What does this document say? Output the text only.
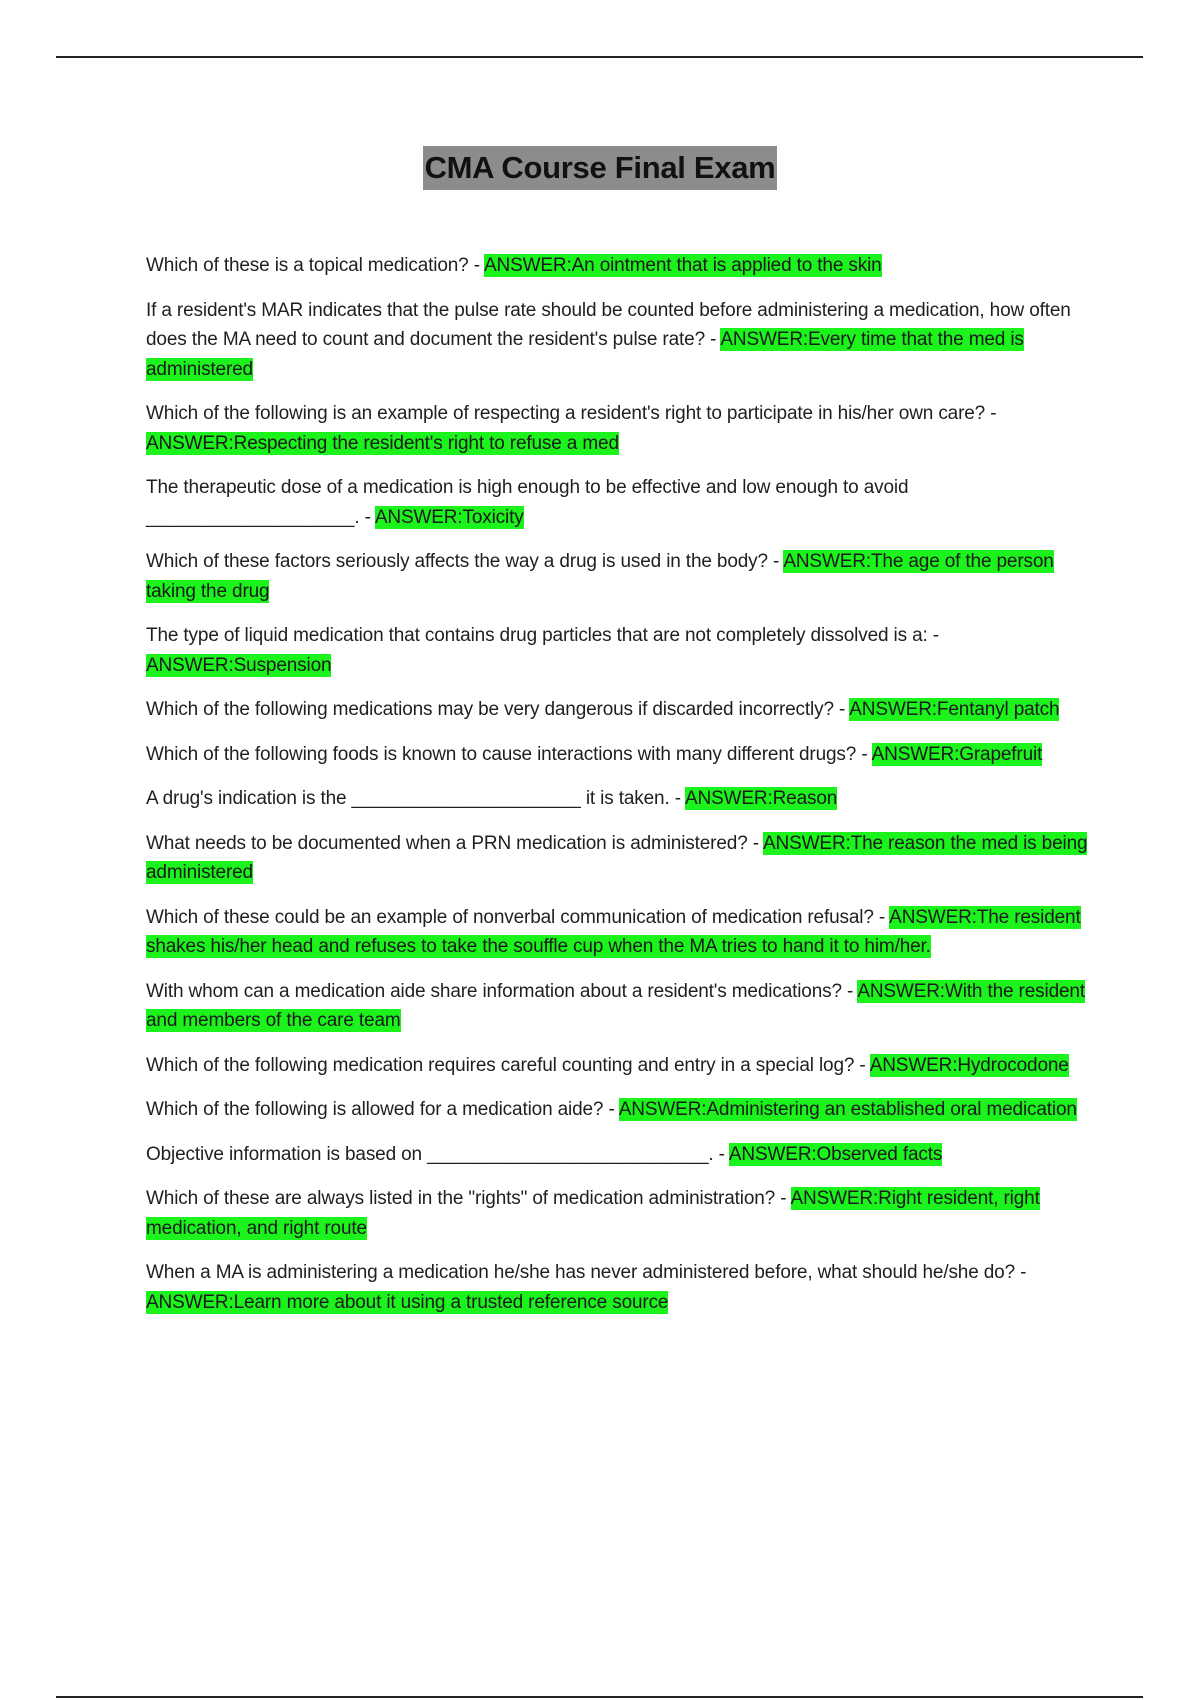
CMA Course Final Exam
Which of these is a topical medication? - ANSWER:An ointment that is applied to the skin
If a resident's MAR indicates that the pulse rate should be counted before administering a medication, how often does the MA need to count and document the resident's pulse rate? - ANSWER:Every time that the med is administered
Which of the following is an example of respecting a resident's right to participate in his/her own care? - ANSWER:Respecting the resident's right to refuse a med
The therapeutic dose of a medication is high enough to be effective and low enough to avoid ____________________. - ANSWER:Toxicity
Which of these factors seriously affects the way a drug is used in the body? - ANSWER:The age of the person taking the drug
The type of liquid medication that contains drug particles that are not completely dissolved is a: - ANSWER:Suspension
Which of the following medications may be very dangerous if discarded incorrectly? - ANSWER:Fentanyl patch
Which of the following foods is known to cause interactions with many different drugs? - ANSWER:Grapefruit
A drug's indication is the ______________________ it is taken. - ANSWER:Reason
What needs to be documented when a PRN medication is administered? - ANSWER:The reason the med is being administered
Which of these could be an example of nonverbal communication of medication refusal? - ANSWER:The resident shakes his/her head and refuses to take the souffle cup when the MA tries to hand it to him/her.
With whom can a medication aide share information about a resident's medications? - ANSWER:With the resident and members of the care team
Which of the following medication requires careful counting and entry in a special log? - ANSWER:Hydrocodone
Which of the following is allowed for a medication aide? - ANSWER:Administering an established oral medication
Objective information is based on ___________________________. - ANSWER:Observed facts
Which of these are always listed in the "rights" of medication administration? - ANSWER:Right resident, right medication, and right route
When a MA is administering a medication he/she has never administered before, what should he/she do? - ANSWER:Learn more about it using a trusted reference source
